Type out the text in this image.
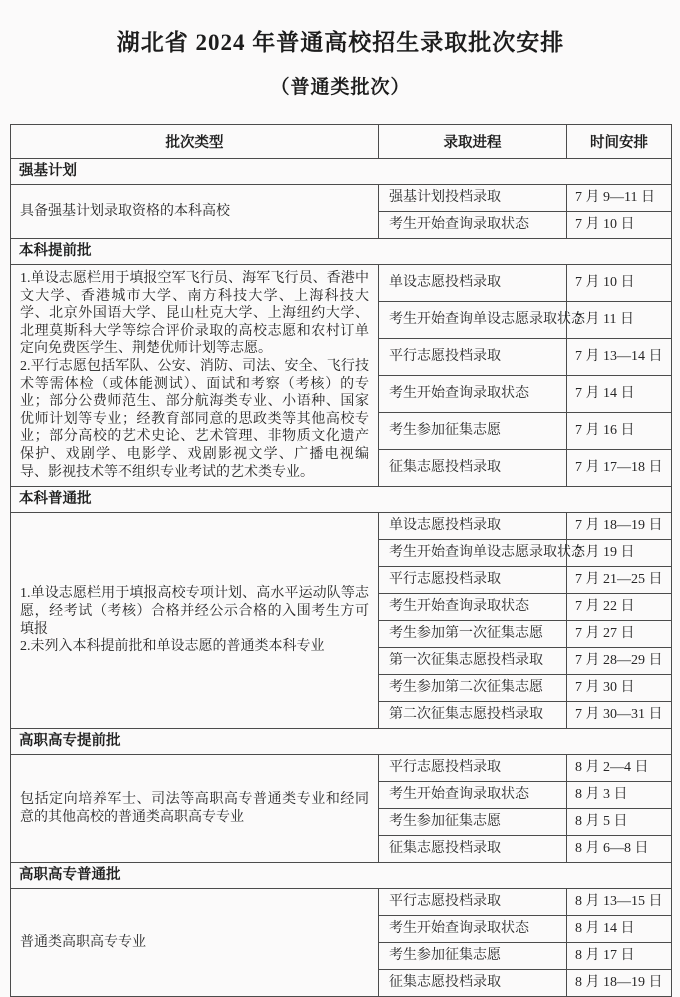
湖北省 2024 年普通高校招生录取批次安排
（普通类批次）
批次类型	录取进程	时间安排
强基计划		

具备强基计划录取资格的本科高校	强基计划投档录取	7 月 9—11 日
	考生开始查询录取状态	7 月 10 日
本科提前批		

1.单设志愿栏用于填报空军飞行员、海军飞行员、香港中文大学、香港城市大学、南方科技大学、上海科技大学、北京外国语大学、昆山杜克大学、上海纽约大学、北理莫斯科大学等综合评价录取的高校志愿和农村订单定向免费医学生、荆楚优师计划等志愿。

2.平行志愿包括军队、公安、消防、司法、安全、飞行技术等需体检（或体能测试）、面试和考察（考核）的专业；部分公费师范生、部分航海类专业、小语种、国家优师计划等专业；经教育部同意的思政类等其他高校专业；部分高校的艺术史论、艺术管理、非物质文化遗产保护、戏剧学、电影学、戏剧影视文学、广播电视编导、影视技术等不组织专业考试的艺术类专业。	单设志愿投档录取	7 月 10 日
	考生开始查询单设志愿录取状态	7 月 11 日
	平行志愿投档录取	7 月 13—14 日
	考生开始查询录取状态	7 月 14 日
	考生参加征集志愿	7 月 16 日
	征集志愿投档录取	7 月 17—18 日
本科普通批		

1.单设志愿栏用于填报高校专项计划、高水平运动队等志愿，经考试（考核）合格并经公示合格的入围考生方可填报

2.未列入本科提前批和单设志愿的普通类本科专业	单设志愿投档录取	7 月 18—19 日
	考生开始查询单设志愿录取状态	7 月 19 日
	平行志愿投档录取	7 月 21—25 日
	考生开始查询录取状态	7 月 22 日
	考生参加第一次征集志愿	7 月 27 日
	第一次征集志愿投档录取	7 月 28—29 日
	考生参加第二次征集志愿	7 月 30 日
	第二次征集志愿投档录取	7 月 30—31 日
高职高专提前批		

包括定向培养军士、司法等高职高专普通类专业和经同意的其他高校的普通类高职高专专业	平行志愿投档录取	8 月 2—4 日
	考生开始查询录取状态	8 月 3 日
	考生参加征集志愿	8 月 5 日
	征集志愿投档录取	8 月 6—8 日
高职高专普通批		

普通类高职高专专业	平行志愿投档录取	8 月 13—15 日
	考生开始查询录取状态	8 月 14 日
	考生参加征集志愿	8 月 17 日
	征集志愿投档录取	8 月 18—19 日
